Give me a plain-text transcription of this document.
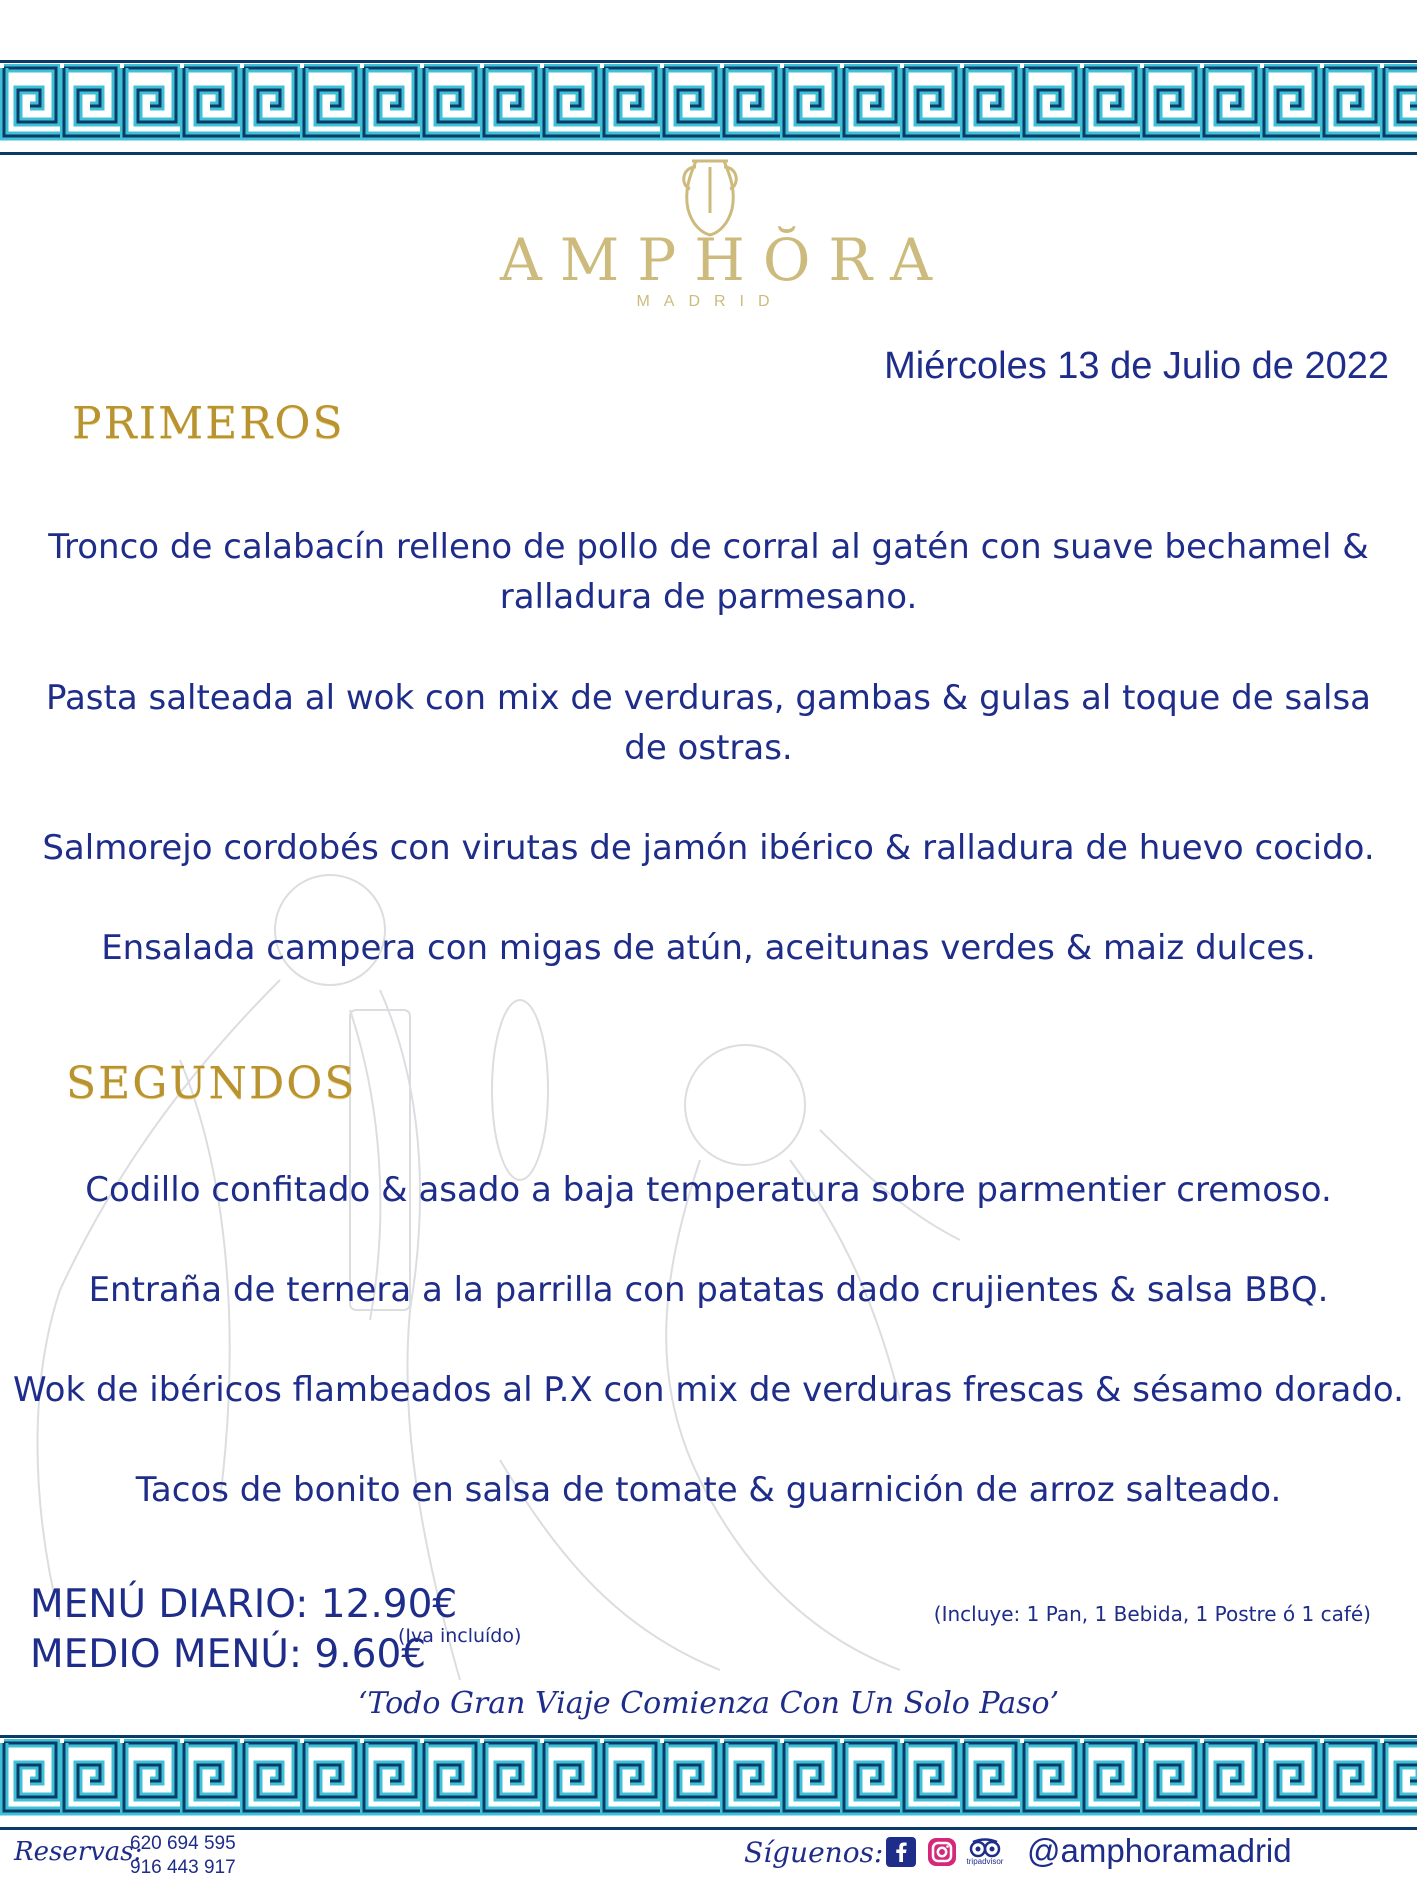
AMPHŎRA
MADRID
Miércoles 13 de Julio de 2022
PRIMEROS
Tronco de calabacín relleno de pollo de corral al gatén con suave bechamel &
ralladura de parmesano.
Pasta salteada al wok con mix de verduras, gambas & gulas al toque de salsa
de ostras.
Salmorejo cordobés con virutas de jamón ibérico & ralladura de huevo cocido.
Ensalada campera con migas de atún, aceitunas verdes & maiz dulces.
SEGUNDOS
Codillo confitado & asado a baja temperatura sobre parmentier cremoso.
Entraña de ternera a la parrilla con patatas dado crujientes & salsa BBQ.
Wok de ibéricos flambeados al P.X con mix de verduras frescas & sésamo dorado.
Tacos de bonito en salsa de tomate & guarnición de arroz salteado.
MENÚ DIARIO: 12.90€
MEDIO MENÚ: 9.60€
(Iva incluído)
(Incluye: 1 Pan, 1 Bebida, 1 Postre ó 1 café)
‘Todo Gran Viaje Comienza Con Un Solo Paso’
Reservas:
620 694 595
916 443 917	Síguenos:	tripadvisor @amphoramadrid
